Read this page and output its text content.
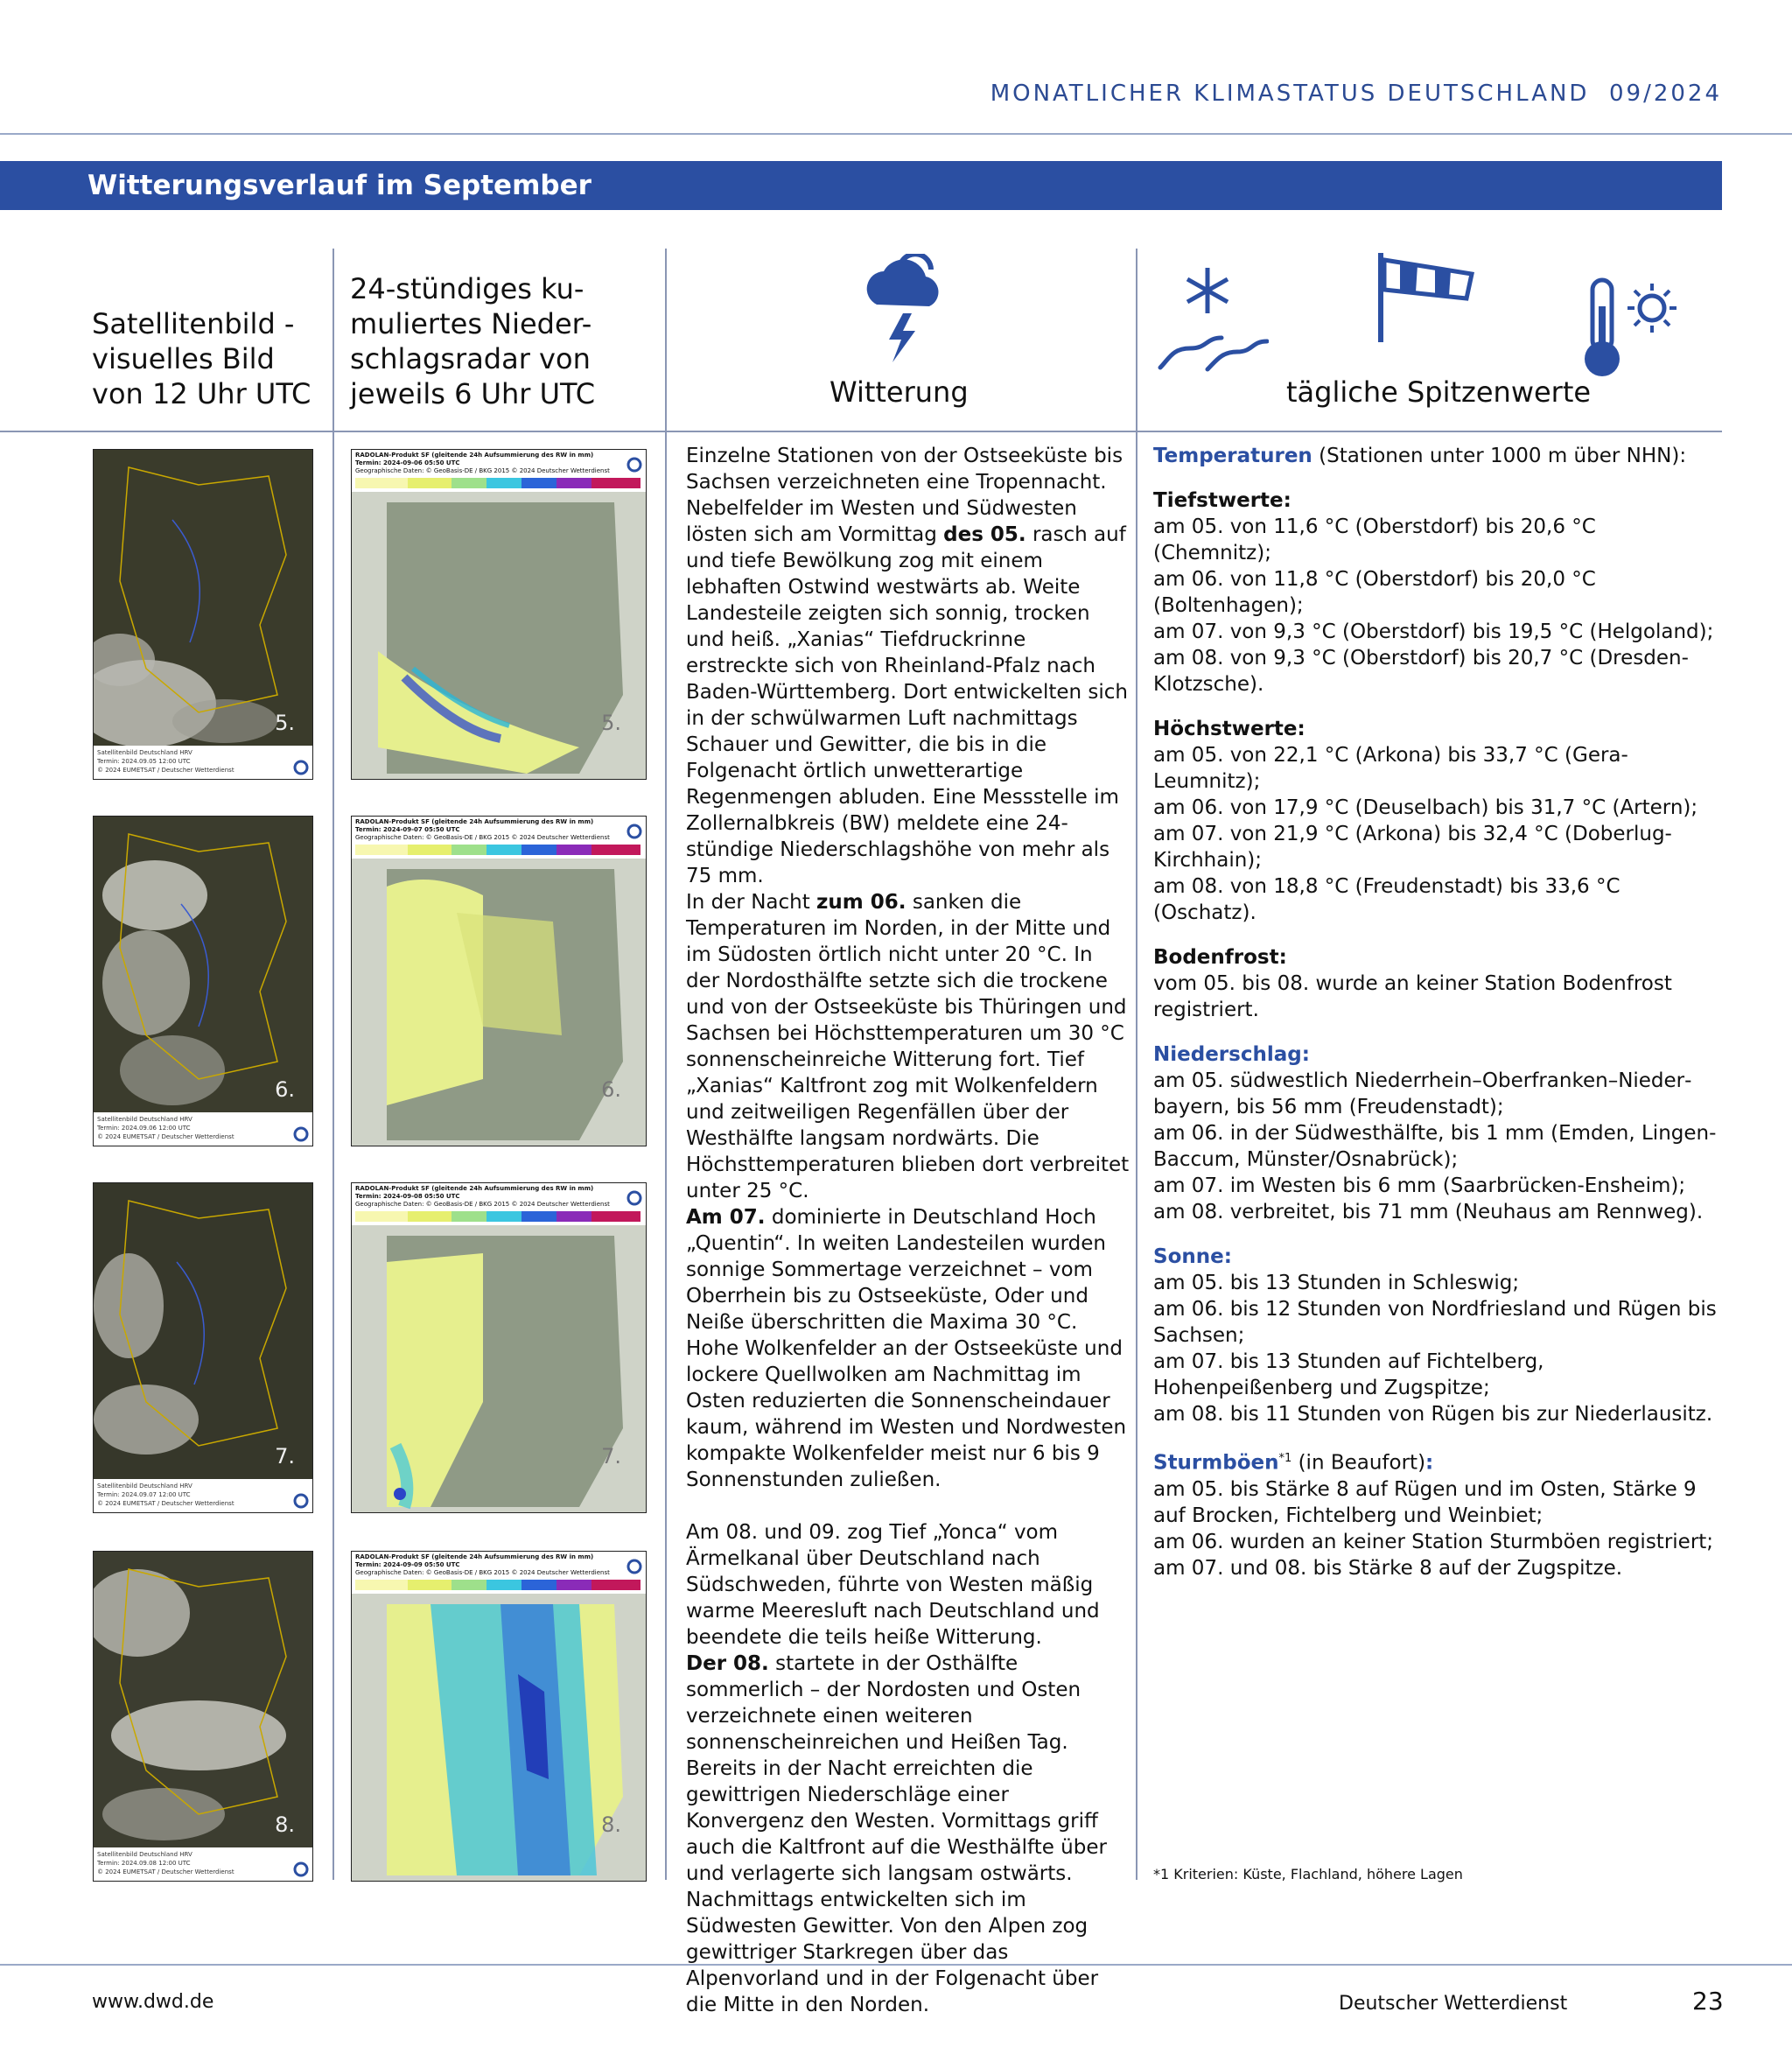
MONATLICHER KLIMASTATUS DEUTSCHLAND 09/2024
Witterungsverlauf im September
Satellitenbild -
visuelles Bild
von 12 Uhr UTC
24-stündiges ku-
muliertes Nieder-
schlagsradar von
jeweils 6 Uhr UTC	Witterung	tägliche Spitzenwerte
5.
Satellitenbild Deutschland HRV
Termin: 2024.09.05 12:00 UTC
© 2024 EUMETSAT / Deutscher Wetterdienst
6.
Satellitenbild Deutschland HRV
Termin: 2024.09.06 12:00 UTC
© 2024 EUMETSAT / Deutscher Wetterdienst
7.
Satellitenbild Deutschland HRV
Termin: 2024.09.07 12:00 UTC
© 2024 EUMETSAT / Deutscher Wetterdienst
8.
Satellitenbild Deutschland HRV
Termin: 2024.09.08 12:00 UTC
© 2024 EUMETSAT / Deutscher Wetterdienst
RADOLAN-Produkt SF (gleitende 24h Aufsummierung des RW in mm)
Termin: 2024-09-06 05:50 UTC
Geographische Daten: © GeoBasis-DE / BKG 2015 © 2024 Deutscher Wetterdienst
5.
RADOLAN-Produkt SF (gleitende 24h Aufsummierung des RW in mm)
Termin: 2024-09-07 05:50 UTC
Geographische Daten: © GeoBasis-DE / BKG 2015 © 2024 Deutscher Wetterdienst
6.
RADOLAN-Produkt SF (gleitende 24h Aufsummierung des RW in mm)
Termin: 2024-09-08 05:50 UTC
Geographische Daten: © GeoBasis-DE / BKG 2015 © 2024 Deutscher Wetterdienst
7.
RADOLAN-Produkt SF (gleitende 24h Aufsummierung des RW in mm)
Termin: 2024-09-09 05:50 UTC
Geographische Daten: © GeoBasis-DE / BKG 2015 © 2024 Deutscher Wetterdienst
8.

Einzelne Stationen von der Ostseeküste bis Sachsen verzeichneten eine Tropennacht. Nebelfelder im Westen und Südwesten lösten sich am Vormittag des 05. rasch auf und tiefe Bewölkung zog mit einem lebhaften Ostwind westwärts ab. Weite Landesteile zeigten sich sonnig, trocken und heiß. „Xanias“ Tiefdruckrinne erstreckte sich von Rheinland-Pfalz nach Baden-Württemberg. Dort entwickelten sich in der schwülwarmen Luft nachmittags Schauer und Gewitter, die bis in die Folgenacht örtlich unwetterartige Regenmengen abluden. Eine Messstelle im Zollernalbkreis (BW) meldete eine 24-stündige Niederschlagshöhe von mehr als 75 mm.

In der Nacht zum 06. sanken die Temperaturen im Norden, in der Mitte und im Südosten örtlich nicht unter 20 °C. In der Nordosthälfte setzte sich die trockene und von der Ostseeküste bis Thüringen und Sachsen bei Höchsttemperaturen um 30 °C sonnenscheinreiche Witterung fort. Tief „Xanias“ Kaltfront zog mit Wolkenfeldern und zeitweiligen Regenfällen über der Westhälfte langsam nordwärts. Die Höchsttemperaturen blieben dort verbreitet unter 25 °C.

Am 07. dominierte in Deutschland Hoch „Quentin“. In weiten Landesteilen wurden sonnige Sommertage verzeichnet – vom Oberrhein bis zu Ostseeküste, Oder und Neiße überschritten die Maxima 30 °C. Hohe Wolkenfelder an der Ostseeküste und lockere Quellwolken am Nachmittag im Osten reduzierten die Sonnenscheindauer kaum, während im Westen und Nordwesten kompakte Wolkenfelder meist nur 6 bis 9 Sonnenstunden zuließen.

Am 08. und 09. zog Tief „Yonca“ vom Ärmelkanal über Deutschland nach Südschweden, führte von Westen mäßig warme Meeresluft nach Deutschland und beendete die teils heiße Witterung.

Der 08. startete in der Osthälfte sommerlich – der Nordosten und Osten verzeichnete einen weiteren sonnenscheinreichen und Heißen Tag. Bereits in der Nacht erreichten die gewittrigen Niederschläge einer Konvergenz den Westen. Vormittags griff auch die Kaltfront auf die Westhälfte über und verlagerte sich langsam ostwärts. Nachmittags entwickelten sich im Südwesten Gewitter. Von den Alpen zog gewittriger Starkregen über das Alpenvorland und in der Folgenacht über die Mitte in den Norden.

Temperaturen (Stationen unter 1000 m über NHN):
Tiefstwerte:
am 05. von 11,6 °C (Oberstdorf) bis 20,6 °C (Chemnitz);
am 06. von 11,8 °C (Oberstdorf) bis 20,0 °C (Boltenhagen);
am 07. von 9,3 °C (Oberstdorf) bis 19,5 °C (Helgoland);
am 08. von 9,3 °C (Oberstdorf) bis 20,7 °C (Dresden-Klotzsche).
Höchstwerte:
am 05. von 22,1 °C (Arkona) bis 33,7 °C (Gera-Leumnitz);
am 06. von 17,9 °C (Deuselbach) bis 31,7 °C (Artern);
am 07. von 21,9 °C (Arkona) bis 32,4 °C (Doberlug-Kirchhain);
am 08. von 18,8 °C (Freudenstadt) bis 33,6 °C (Oschatz).
Bodenfrost:
vom 05. bis 08. wurde an keiner Station Bodenfrost registriert.
Niederschlag:
am 05. südwestlich Niederrhein–Oberfranken–Niederbayern, bis 56 mm (Freudenstadt);
am 06. in der Südwesthälfte, bis 1 mm (Emden, Lingen-Baccum, Münster/Osnabrück);
am 07. im Westen bis 6 mm (Saarbrücken-Ensheim);
am 08. verbreitet, bis 71 mm (Neuhaus am Rennweg).
Sonne:
am 05. bis 13 Stunden in Schleswig;
am 06. bis 12 Stunden von Nordfriesland und Rügen bis Sachsen;
am 07. bis 13 Stunden auf Fichtelberg, Hohenpeißenberg und Zugspitze;
am 08. bis 11 Stunden von Rügen bis zur Niederlausitz.
Sturmböen$^{*1}$ (in Beaufort):
am 05. bis Stärke 8 auf Rügen und im Osten, Stärke 9 auf Brocken, Fichtelberg und Weinbiet;
am 06. wurden an keiner Station Sturmböen registriert;
am 07. und 08. bis Stärke 8 auf der Zugspitze.
*1 Kriterien: Küste, Flachland, höhere Lagen
www.dwd.de	Deutscher Wetterdienst	23
